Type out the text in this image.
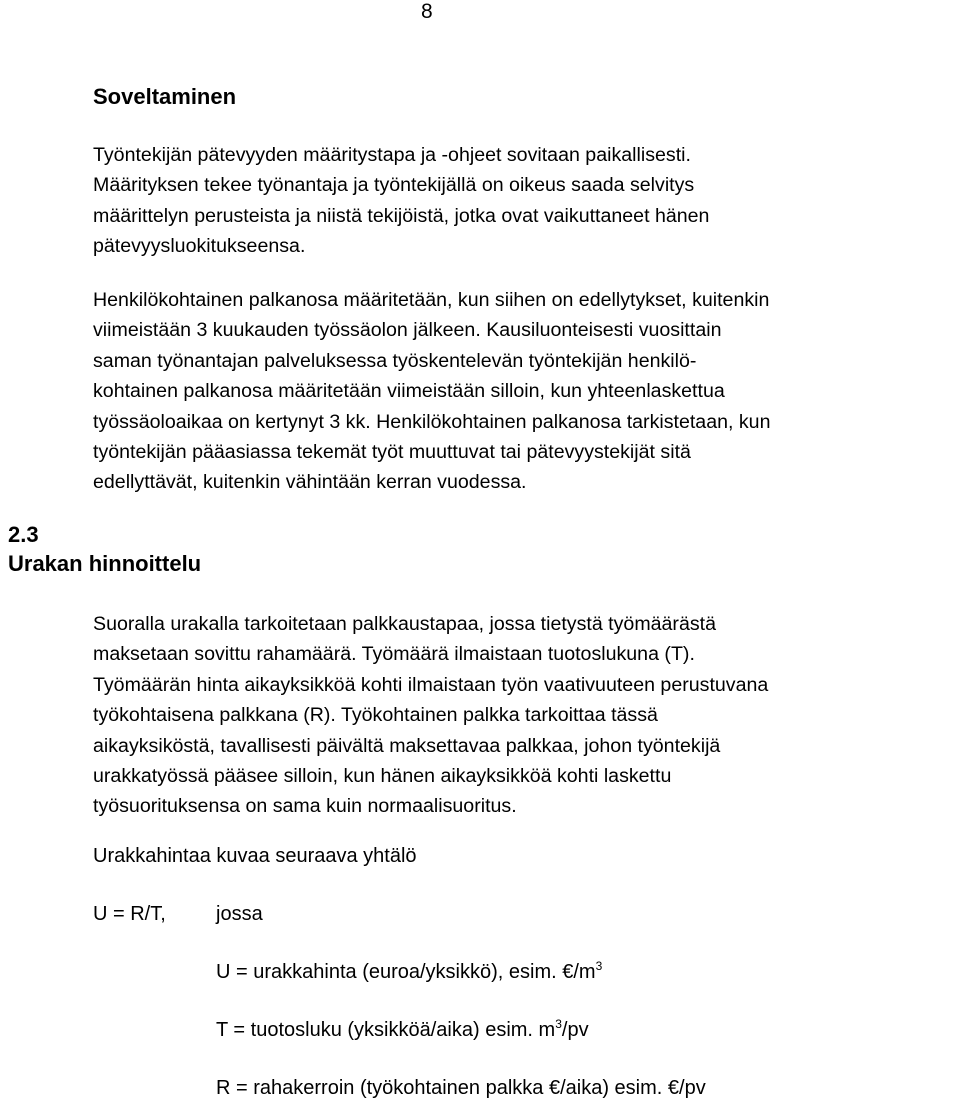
8
Soveltaminen
Työntekijän pätevyyden määritystapa ja -ohjeet sovitaan paikallisesti.
Määrityksen tekee työnantaja ja työntekijällä on oikeus saada selvitys
määrittelyn perusteista ja niistä tekijöistä, jotka ovat vaikuttaneet hänen
pätevyysluokitukseensa.
Henkilökohtainen palkanosa määritetään, kun siihen on edellytykset, kuitenkin
viimeistään 3 kuukauden työssäolon jälkeen. Kausiluonteisesti vuosittain
saman työnantajan palveluksessa työskentelevän työntekijän henkilö-
kohtainen palkanosa määritetään viimeistään silloin, kun yhteenlaskettua
työssäoloaikaa on kertynyt 3 kk. Henkilökohtainen palkanosa tarkistetaan, kun
työntekijän pääasiassa tekemät työt muuttuvat tai pätevyystekijät sitä
edellyttävät, kuitenkin vähintään kerran vuodessa.
2.3
Urakan hinnoittelu
Suoralla urakalla tarkoitetaan palkkaustapaa, jossa tietystä työmäärästä
maksetaan sovittu rahamäärä. Työmäärä ilmaistaan tuotoslukuna (T).
Työmäärän hinta aikayksikköä kohti ilmaistaan työn vaativuuteen perustuvana
työkohtaisena palkkana (R). Työkohtainen palkka tarkoittaa tässä
aikayksiköstä, tavallisesti päivältä maksettavaa palkkaa, johon työntekijä
urakkatyössä pääsee silloin, kun hänen aikayksikköä kohti laskettu
työsuorituksensa on sama kuin normaalisuoritus.
Urakkahintaa kuvaa seuraava yhtälö
U = R/T,	jossa
U = urakkahinta (euroa/yksikkö), esim. $€/m^3$
T = tuotosluku (yksikköä/aika) esim. $m^3/pv$
R = rahakerroin (työkohtainen palkka €/aika) esim. €/pv
